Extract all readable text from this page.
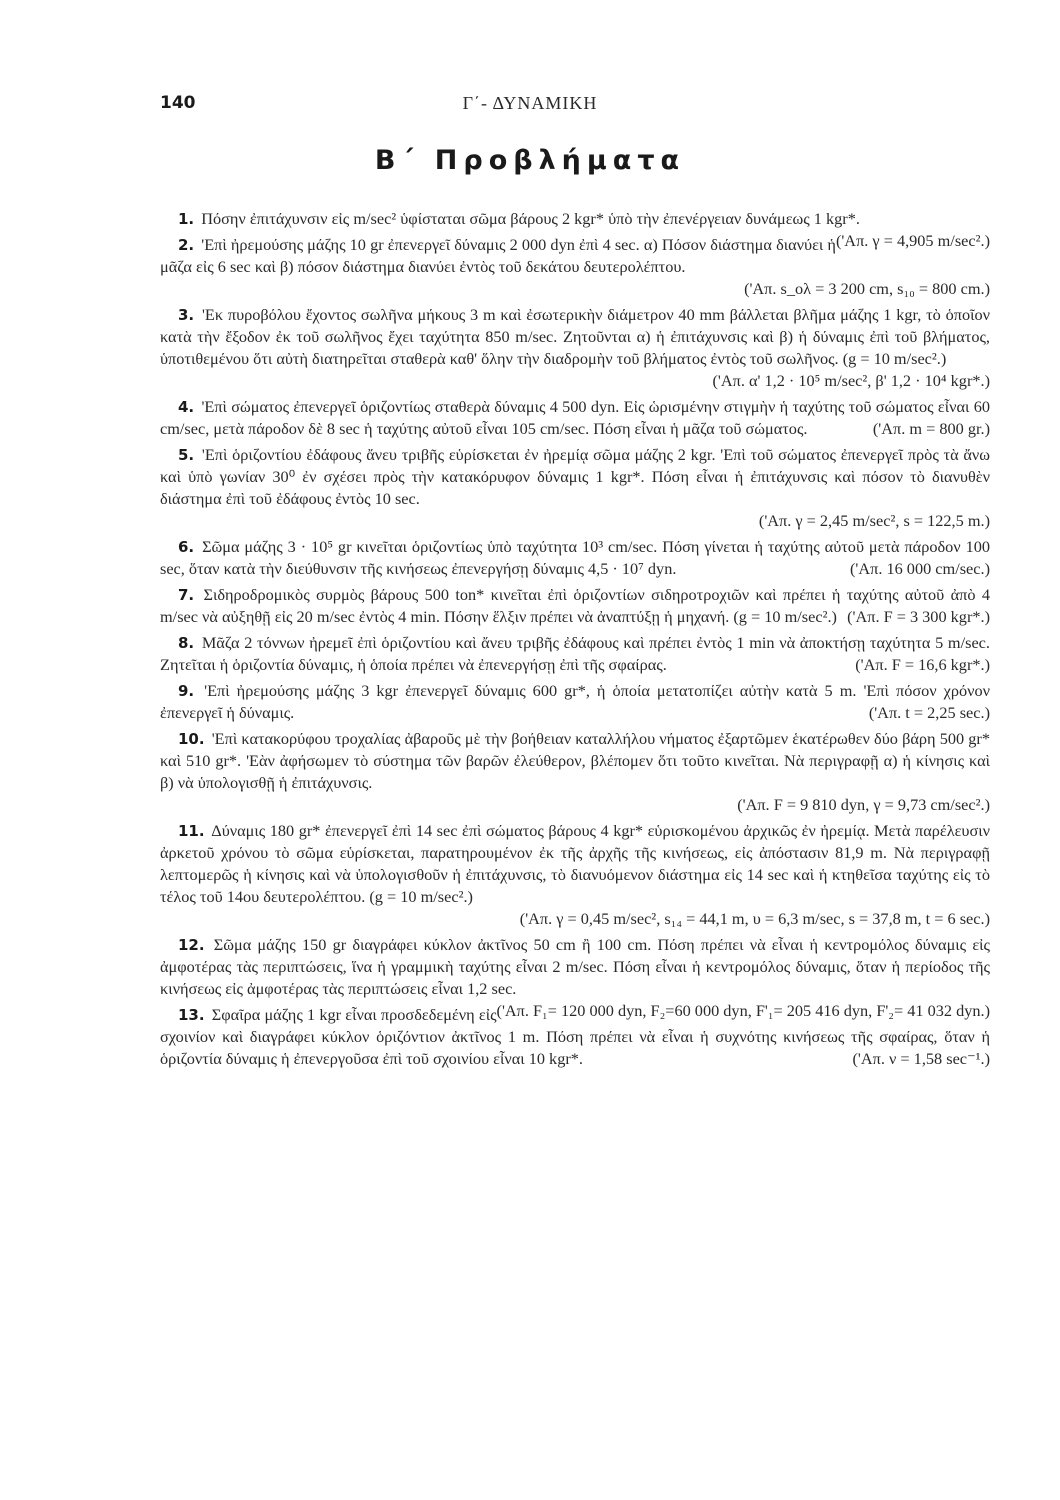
140	Γ΄- ΔΥΝΑΜΙΚΗ
Β΄ Προβλήματα

1. Πόσην ἐπιτάχυνσιν εἰς m/sec² ὑφίσταται σῶμα βάρους 2 kgr* ὑπὸ τὴν ἐπενέργειαν δυνάμεως 1 kgr*.
('Απ. γ = 4,905 m/sec².)

2. 'Επὶ ἠρεμούσης μάζης 10 gr ἐπενεργεῖ δύναμις 2 000 dyn ἐπὶ 4 sec. α) Πόσον διάστημα διανύει ἡ μᾶζα εἰς 6 sec καὶ β) πόσον διάστημα διανύει ἐντὸς τοῦ δεκάτου δευτερολέπτου.
('Απ. s_ολ = 3 200 cm, s₁₀ = 800 cm.)

3. 'Εκ πυροβόλου ἔχοντος σωλῆνα μήκους 3 m καὶ ἐσωτερικὴν διάμετρον 40 mm βάλλεται βλῆμα μάζης 1 kgr, τὸ ὁποῖον κατὰ τὴν ἔξοδον ἐκ τοῦ σωλῆνος ἔχει ταχύτητα 850 m/sec. Ζητοῦνται α) ἡ ἐπιτάχυνσις καὶ β) ἡ δύναμις ἐπὶ τοῦ βλήματος, ὑποτιθεμένου ὅτι αὐτὴ διατηρεῖται σταθερὰ καθ' ὅλην τὴν διαδρομὴν τοῦ βλήματος ἐντὸς τοῦ σωλῆνος. (g = 10 m/sec².)
('Απ. α' 1,2 · 10⁵ m/sec², β' 1,2 · 10⁴ kgr*.)

4. 'Επὶ σώματος ἐπενεργεῖ ὁριζοντίως σταθερὰ δύναμις 4 500 dyn. Εἰς ὡρισμένην στιγμὴν ἡ ταχύτης τοῦ σώματος εἶναι 60 cm/sec, μετὰ πάροδον δὲ 8 sec ἡ ταχύτης αὐτοῦ εἶναι 105 cm/sec. Πόση εἶναι ἡ μᾶζα τοῦ σώματος.	('Απ. m = 800 gr.)

5. 'Επὶ ὁριζοντίου ἐδάφους ἄνευ τριβῆς εὑρίσκεται ἐν ἠρεμίᾳ σῶμα μάζης 2 kgr. 'Επὶ τοῦ σώματος ἐπενεργεῖ πρὸς τὰ ἄνω καὶ ὑπὸ γωνίαν 30⁰ ἐν σχέσει πρὸς τὴν κατακόρυφον δύναμις 1 kgr*. Πόση εἶναι ἡ ἐπιτάχυνσις καὶ πόσον τὸ διανυθὲν διάστημα ἐπὶ τοῦ ἐδάφους ἐντὸς 10 sec.
('Απ. γ = 2,45 m/sec², s = 122,5 m.)

6. Σῶμα μάζης 3 · 10⁵ gr κινεῖται ὁριζοντίως ὑπὸ ταχύτητα 10³ cm/sec. Πόση γίνεται ἡ ταχύτης αὐτοῦ μετὰ πάροδον 100 sec, ὅταν κατὰ τὴν διεύθυνσιν τῆς κινήσεως ἐπενεργήσῃ δύναμις 4,5 · 10⁷ dyn.	('Απ. 16 000 cm/sec.)

7. Σιδηροδρομικὸς συρμὸς βάρους 500 ton* κινεῖται ἐπὶ ὁριζοντίων σιδηροτροχιῶν καὶ πρέπει ἡ ταχύτης αὐτοῦ ἀπὸ 4 m/sec νὰ αὐξηθῇ εἰς 20 m/sec ἐντὸς 4 min. Πόσην ἕλξιν πρέπει νὰ ἀναπτύξῃ ἡ μηχανή. (g = 10 m/sec².) ('Απ. F = 3 300 kgr*.)

8. Μᾶζα 2 τόννων ἠρεμεῖ ἐπὶ ὁριζοντίου καὶ ἄνευ τριβῆς ἐδάφους καὶ πρέπει ἐντὸς 1 min νὰ ἀποκτήσῃ ταχύτητα 5 m/sec. Ζητεῖται ἡ ὁριζοντία δύναμις, ἡ ὁποία πρέπει νὰ ἐπενεργήσῃ ἐπὶ τῆς σφαίρας.	('Απ. F = 16,6 kgr*.)

9. 'Επὶ ἠρεμούσης μάζης 3 kgr ἐπενεργεῖ δύναμις 600 gr*, ἡ ὁποία μετατοπίζει αὐτὴν κατὰ 5 m. 'Επὶ πόσον χρόνον ἐπενεργεῖ ἡ δύναμις.	('Απ. t = 2,25 sec.)

10. 'Επὶ κατακορύφου τροχαλίας ἀβαροῦς μὲ τὴν βοήθειαν καταλλήλου νήματος ἐξαρτῶμεν ἑκατέρωθεν δύο βάρη 500 gr* καὶ 510 gr*. 'Εὰν ἀφήσωμεν τὸ σύστημα τῶν βαρῶν ἐλεύθερον, βλέπομεν ὅτι τοῦτο κινεῖται. Νὰ περιγραφῇ α) ἡ κίνησις καὶ β) νὰ ὑπολογισθῇ ἡ ἐπιτάχυνσις.
('Απ. F = 9 810 dyn, γ = 9,73 cm/sec².)

11. Δύναμις 180 gr* ἐπενεργεῖ ἐπὶ 14 sec ἐπὶ σώματος βάρους 4 kgr* εὑρισκομένου ἀρχικῶς ἐν ἠρεμίᾳ. Μετὰ παρέλευσιν ἀρκετοῦ χρόνου τὸ σῶμα εὑρίσκεται, παρατηρουμένον ἐκ τῆς ἀρχῆς τῆς κινήσεως, εἰς ἀπόστασιν 81,9 m. Νὰ περιγραφῇ λεπτομερῶς ἡ κίνησις καὶ νὰ ὑπολογισθοῦν ἡ ἐπιτάχυνσις, τὸ διανυόμενον διάστημα εἰς 14 sec καὶ ἡ κτηθεῖσα ταχύτης εἰς τὸ τέλος τοῦ 14ου δευτερολέπτου. (g = 10 m/sec².)
('Απ. γ = 0,45 m/sec², s₁₄ = 44,1 m, υ = 6,3 m/sec, s = 37,8 m, t = 6 sec.)

12. Σῶμα μάζης 150 gr διαγράφει κύκλον ἀκτῖνος 50 cm ἢ 100 cm. Πόση πρέπει νὰ εἶναι ἡ κεντρομόλος δύναμις εἰς ἀμφοτέρας τὰς περιπτώσεις, ἵνα ἡ γραμμικὴ ταχύτης εἶναι 2 m/sec. Πόση εἶναι ἡ κεντρομόλος δύναμις, ὅταν ἡ περίοδος τῆς κινήσεως εἰς ἀμφοτέρας τὰς περιπτώσεις εἶναι 1,2 sec.
('Απ. F₁= 120 000 dyn, F₂=60 000 dyn, F'₁= 205 416 dyn, F'₂= 41 032 dyn.)

13. Σφαῖρα μάζης 1 kgr εἶναι προσδεδεμένη εἰς σχοινίον καὶ διαγράφει κύκλον ὁριζόντιον ἀκτῖνος 1 m. Πόση πρέπει νὰ εἶναι ἡ συχνότης κινήσεως τῆς σφαίρας, ὅταν ἡ ὁριζοντία δύναμις ἡ ἐπενεργοῦσα ἐπὶ τοῦ σχοινίου εἶναι 10 kgr*.	('Απ. ν = 1,58 sec⁻¹.)
